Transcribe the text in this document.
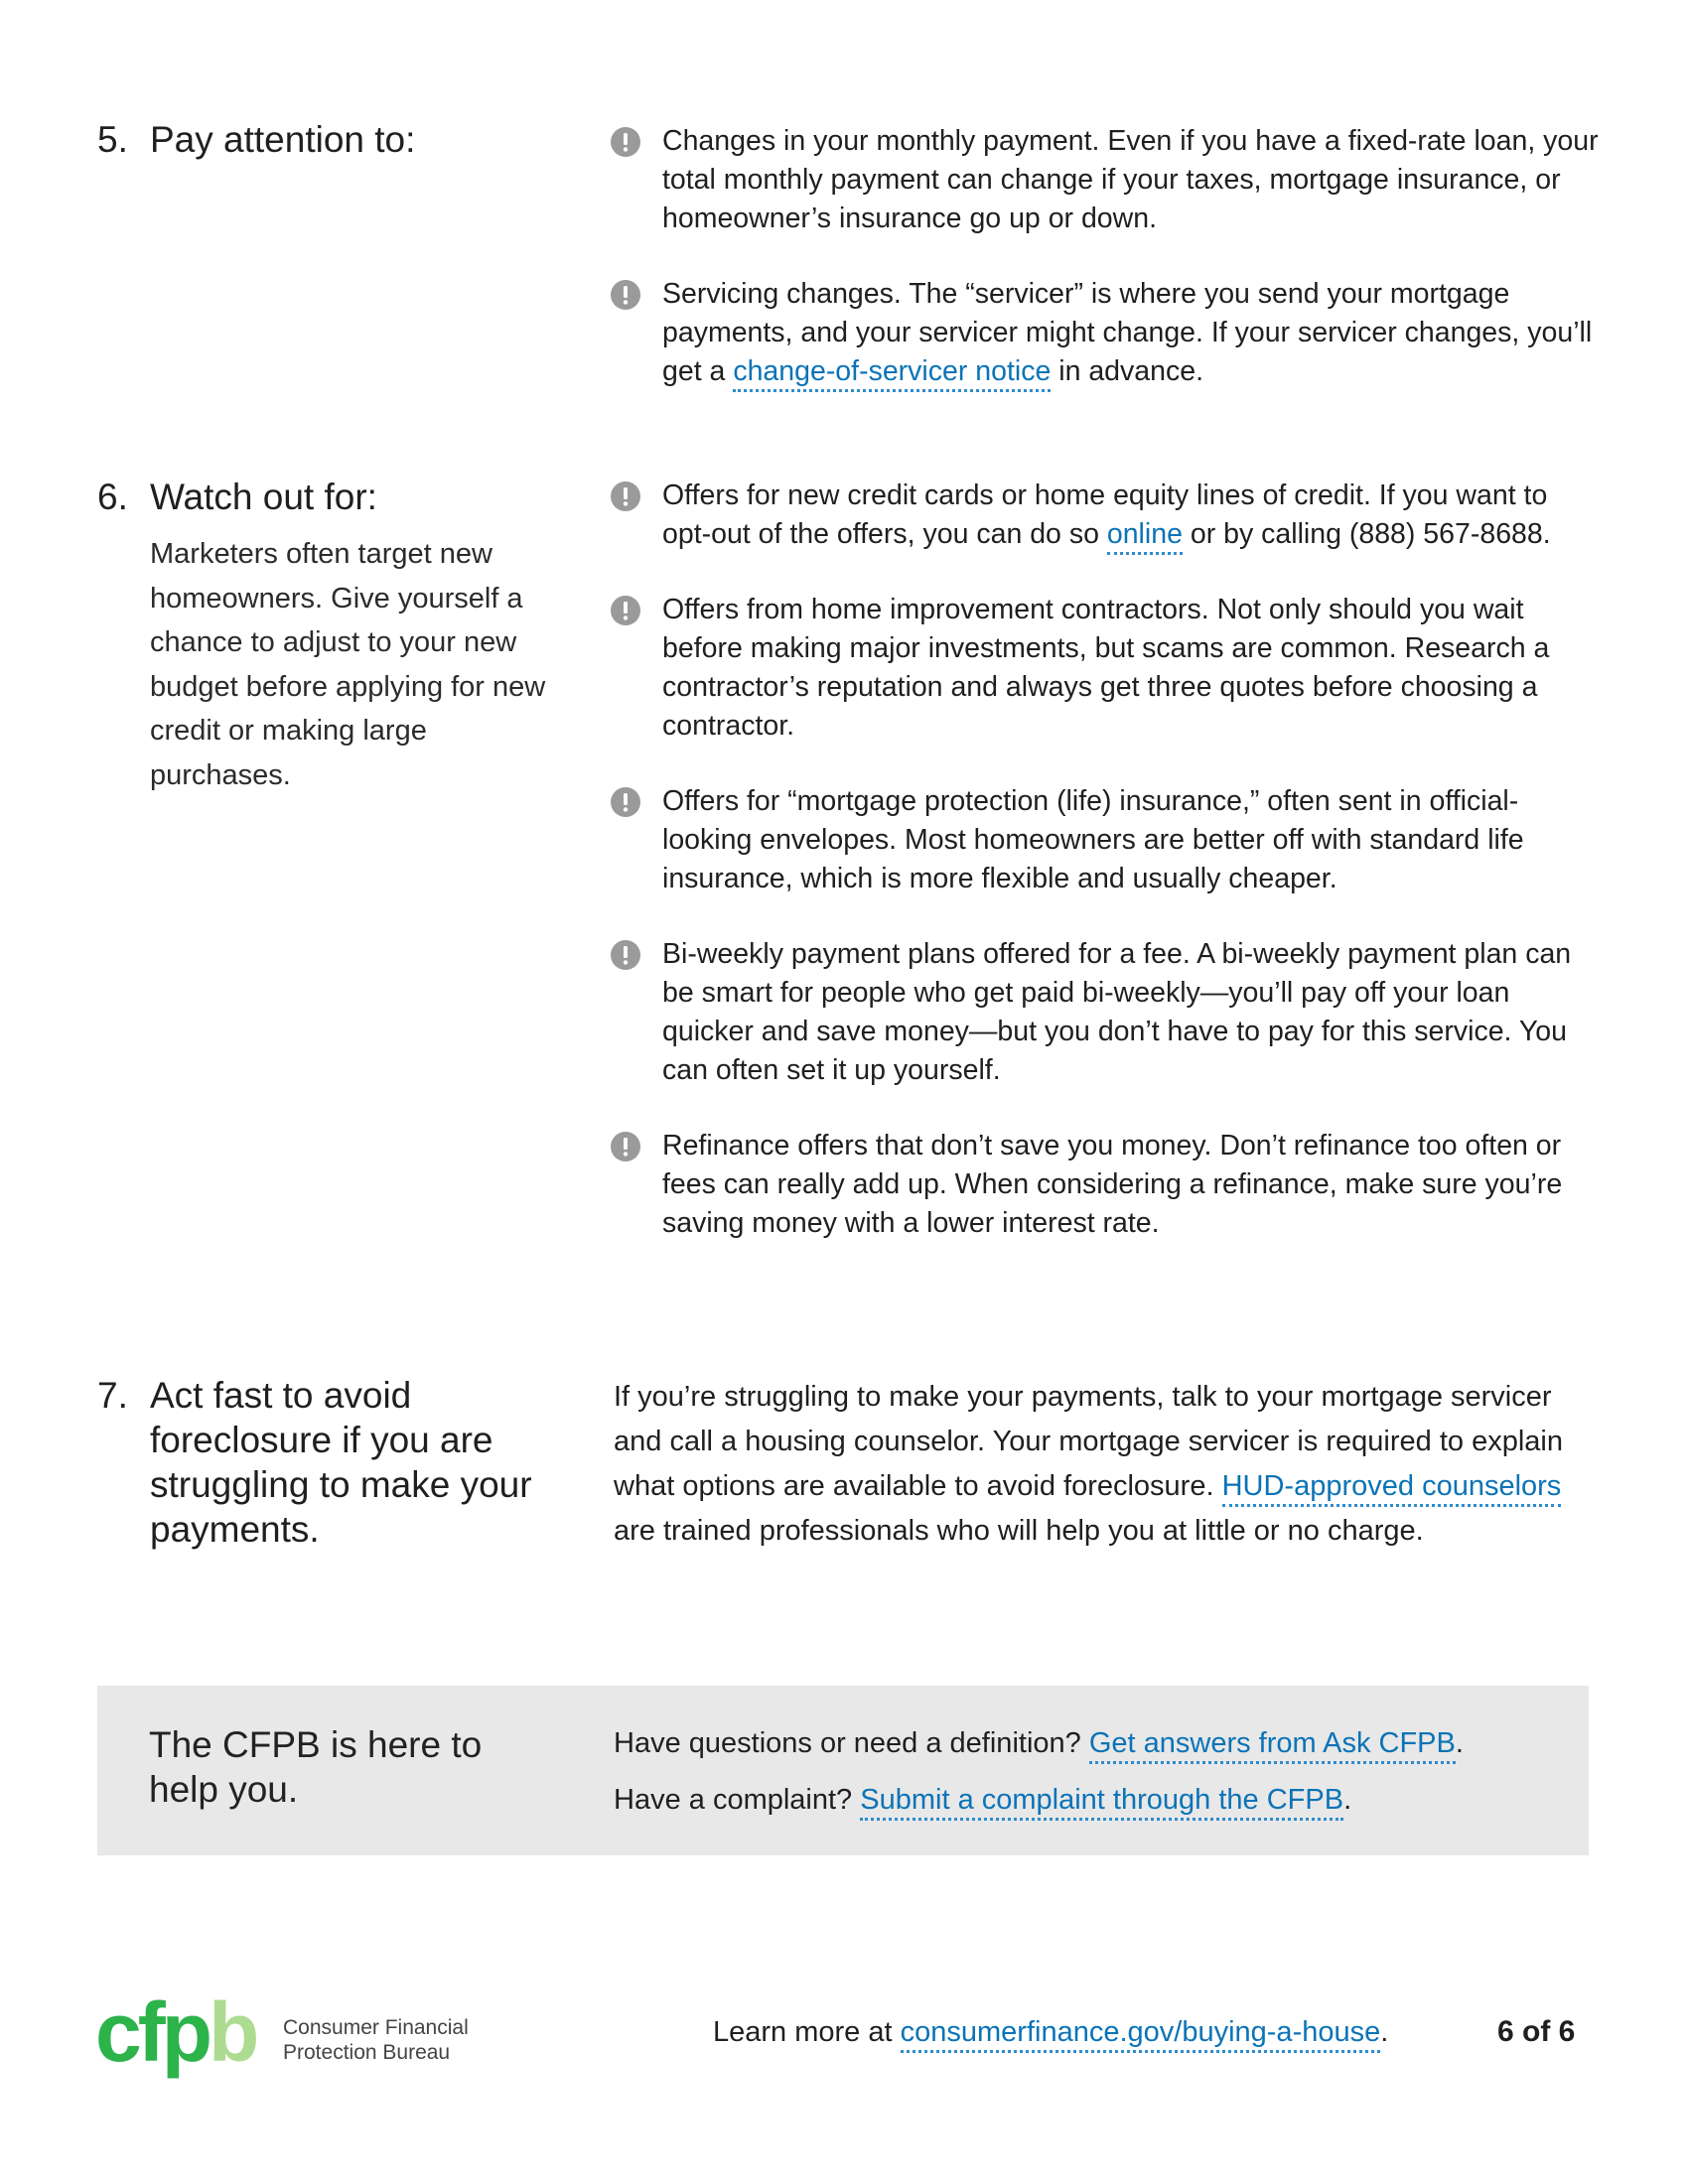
5. Pay attention to:	Changes in your monthly payment. Even if you have a fixed-rate loan, your total monthly payment can change if your taxes, mortgage insurance, or homeowner’s insurance go up or down.
Servicing changes. The “servicer” is where you send your mortgage payments, and your servicer might change. If your servicer changes, you’ll get a change-of-servicer notice in advance.
6. Watch out for:
Marketers often target new homeowners. Give yourself a chance to adjust to your new budget before applying for new credit or making large purchases.
Offers for new credit cards or home equity lines of credit. If you want to opt-out of the offers, you can do so online or by calling (888) 567-8688.
Offers from home improvement contractors. Not only should you wait before making major investments, but scams are common. Research a contractor’s reputation and always get three quotes before choosing a contractor.
Offers for “mortgage protection (life) insurance,” often sent in official-looking envelopes. Most homeowners are better off with standard life insurance, which is more flexible and usually cheaper.
Bi-weekly payment plans offered for a fee. A bi-weekly payment plan can be smart for people who get paid bi-weekly—you’ll pay off your loan quicker and save money—but you don’t have to pay for this service. You can often set it up yourself.
Refinance offers that don’t save you money. Don’t refinance too often or fees can really add up. When considering a refinance, make sure you’re saving money with a lower interest rate.
7. Act fast to avoid foreclosure if you are struggling to make your payments.
If you’re struggling to make your payments, talk to your mortgage servicer and call a housing counselor. Your mortgage servicer is required to explain what options are available to avoid foreclosure. HUD-approved counselors are trained professionals who will help you at little or no charge.
The CFPB is here to help you.
Have questions or need a definition? Get answers from Ask CFPB.
Have a complaint? Submit a complaint through the CFPB.
cfpb Consumer Financial
Protection Bureau
Learn more at consumerfinance.gov/buying-a-house.	6 of 6
